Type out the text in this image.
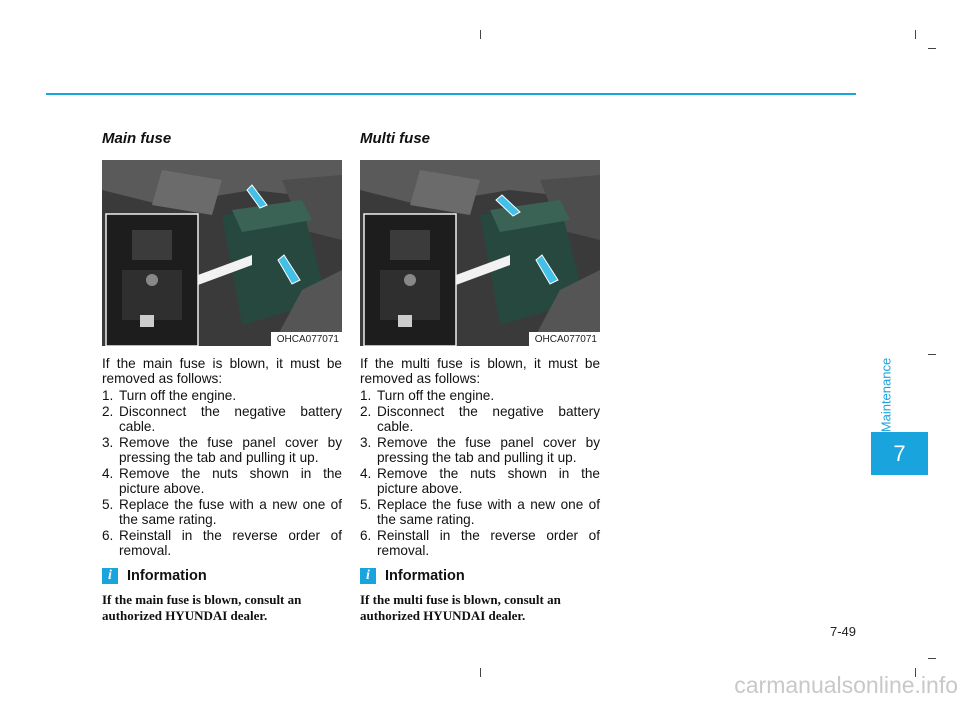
Main fuse
OHCA077071

If the main fuse is blown, it must be removed as follows:

1. Turn off the engine.
2. Disconnect the negative battery cable.
3. Remove the fuse panel cover by pressing the tab and pulling it up.
4. Remove the nuts shown in the picture above.
5. Replace the fuse with a new one of the same rating.
6. Reinstall in the reverse order of removal.
i	Information
If the main fuse is blown, consult an authorized HYUNDAI dealer.
Multi fuse
OHCA077071

If the multi fuse is blown, it must be removed as follows:

1. Turn off the engine.
2. Disconnect the negative battery cable.
3. Remove the fuse panel cover by pressing the tab and pulling it up.
4. Remove the nuts shown in the picture above.
5. Replace the fuse with a new one of the same rating.
6. Reinstall in the reverse order of removal.
i	Information
If the multi fuse is blown, consult an authorized HYUNDAI dealer.
Maintenance
7
7-49
carmanualsonline.info
